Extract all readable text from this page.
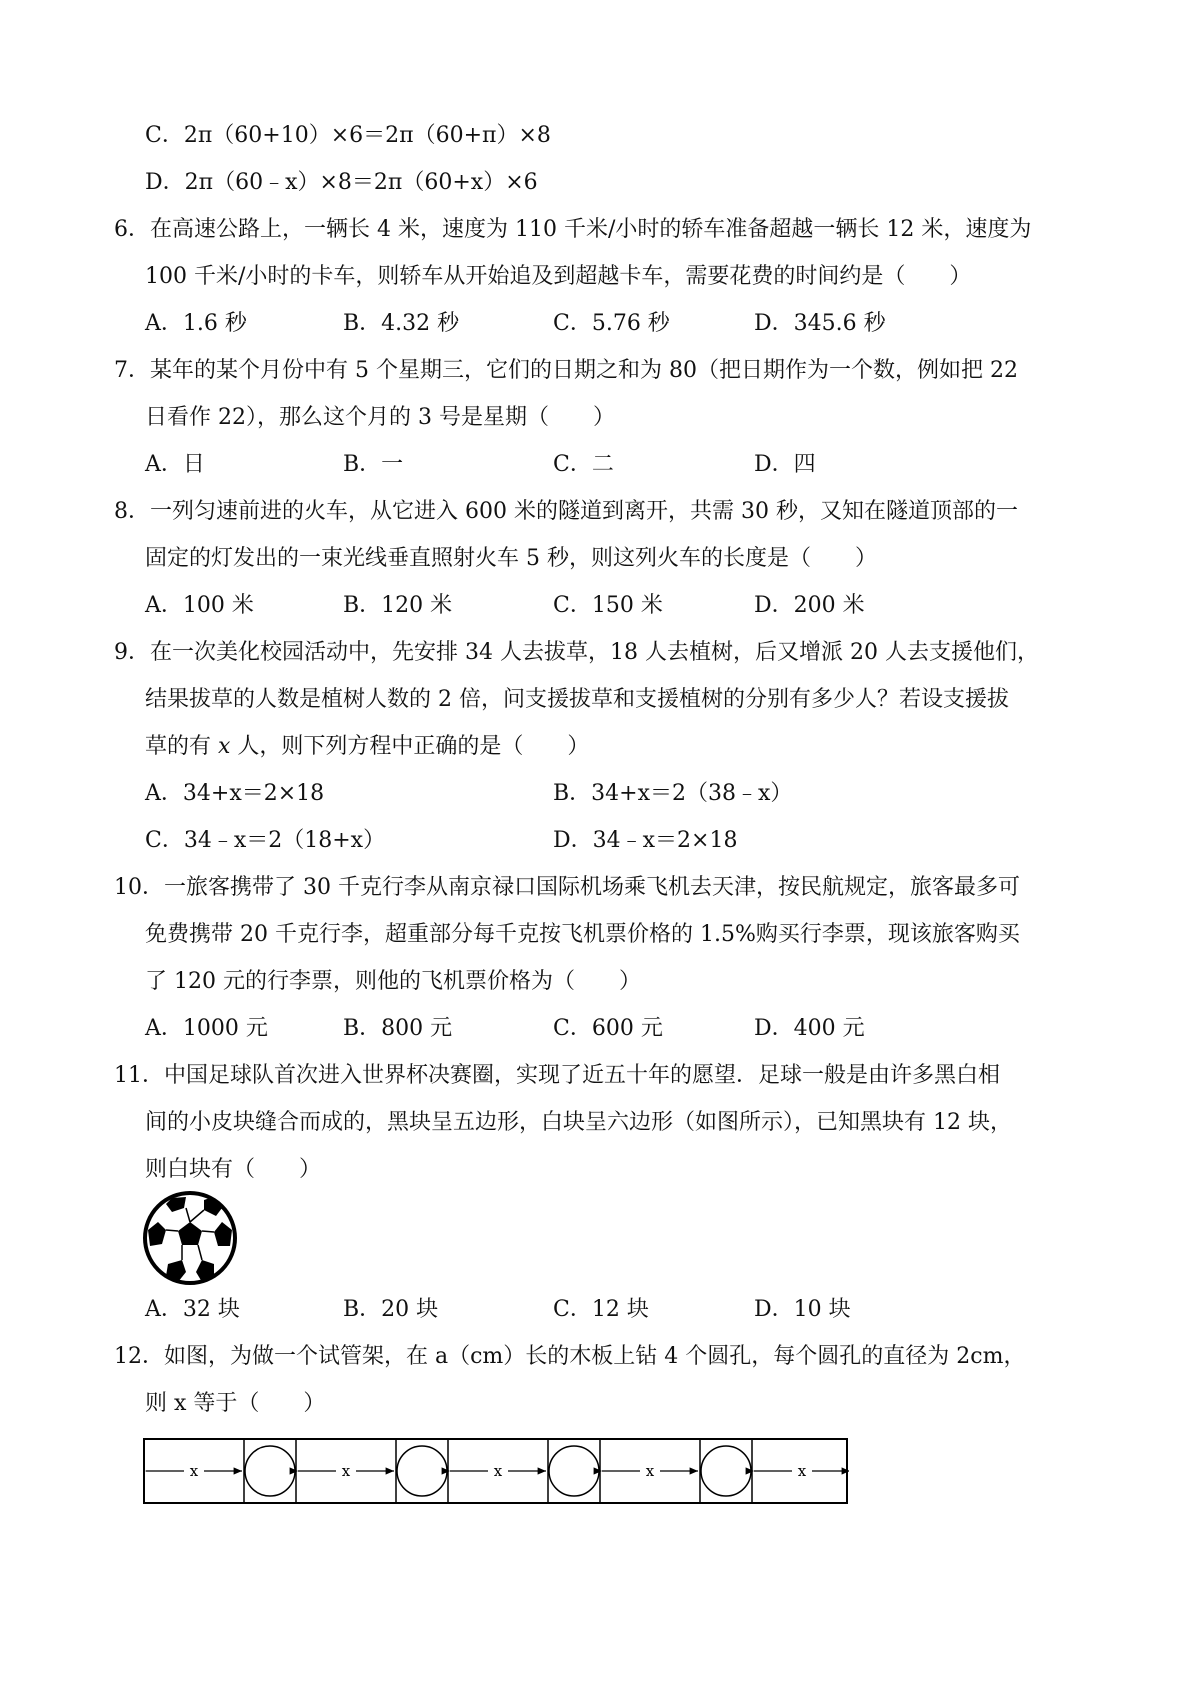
C．2π（60+10）×6＝2π（60+π）×8
D．2π（60﹣x）×8＝2π（60+x）×6
6．在高速公路上，一辆长 4 米，速度为 110 千米/小时的轿车准备超越一辆长 12 米，速度为
100 千米/小时的卡车，则轿车从开始追及到超越卡车，需要花费的时间约是（　　）
A．1.6 秒	B．4.32 秒	C．5.76 秒	D．345.6 秒
7．某年的某个月份中有 5 个星期三，它们的日期之和为 80（把日期作为一个数，例如把 22
日看作 22），那么这个月的 3 号是星期（　　）
A．日	B．一	C．二	D．四
8．一列匀速前进的火车，从它进入 600 米的隧道到离开，共需 30 秒，又知在隧道顶部的一
固定的灯发出的一束光线垂直照射火车 5 秒，则这列火车的长度是（　　）
A．100 米	B．120 米	C．150 米	D．200 米
9．在一次美化校园活动中，先安排 34 人去拔草，18 人去植树，后又增派 20 人去支援他们，
结果拔草的人数是植树人数的 2 倍，问支援拔草和支援植树的分别有多少人？若设支援拔
草的有 x 人，则下列方程中正确的是（　　）
A．34+x＝2×18	B．34+x＝2（38﹣x）
C．34﹣x＝2（18+x）	D．34﹣x＝2×18
10．一旅客携带了 30 千克行李从南京禄口国际机场乘飞机去天津，按民航规定，旅客最多可
免费携带 20 千克行李，超重部分每千克按飞机票价格的 1.5%购买行李票，现该旅客购买
了 120 元的行李票，则他的飞机票价格为（　　）
A．1000 元	B．800 元	C．600 元	D．400 元
11．中国足球队首次进入世界杯决赛圈，实现了近五十年的愿望．足球一般是由许多黑白相
间的小皮块缝合而成的，黑块呈五边形，白块呈六边形（如图所示），已知黑块有 12 块，
则白块有（　　）
A．32 块	B．20 块	C．12 块	D．10 块
12．如图，为做一个试管架，在 a（cm）长的木板上钻 4 个圆孔，每个圆孔的直径为 2cm，
则 x 等于（　　）
x	x	x	x	x
